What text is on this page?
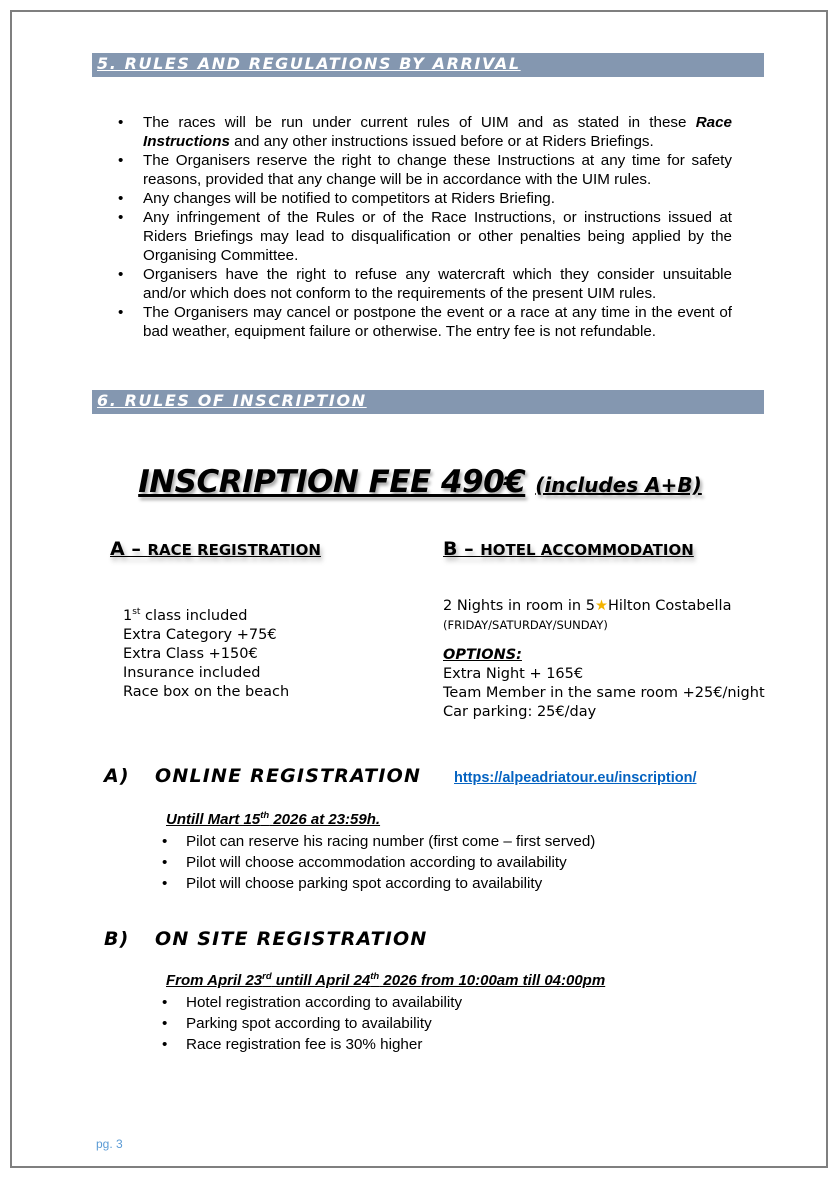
5. RULES AND REGULATIONS BY ARRIVAL
• The races will be run under current rules of UIM and as stated in these Race Instructions and any other instructions issued before or at Riders Briefings.
• The Organisers reserve the right to change these Instructions at any time for safety reasons, provided that any change will be in accordance with the UIM rules.
• Any changes will be notified to competitors at Riders Briefing.
• Any infringement of the Rules or of the Race Instructions, or instructions issued at Riders Briefings may lead to disqualification or other penalties being applied by the Organising Committee.
• Organisers have the right to refuse any watercraft which they consider unsuitable and/or which does not conform to the requirements of the present UIM rules.
• The Organisers may cancel or postpone the event or a race at any time in the event of bad weather, equipment failure or otherwise. The entry fee is not refundable.
6. RULES OF INSCRIPTION
INSCRIPTION FEE 490€ (includes A+B)
A – RACE REGISTRATION	B – HOTEL ACCOMMODATION
1st class included
Extra Category +75€
Extra Class +150€
Insurance included
Race box on the beach
2 Nights in room in 5★Hilton Costabella
(FRIDAY/SATURDAY/SUNDAY)
OPTIONS:
Extra Night + 165€
Team Member in the same room +25€/night
Car parking: 25€/day
A) ONLINE REGISTRATION https://alpeadriatour.eu/inscription/
Untill Mart 15th 2026 at 23:59h.
• Pilot can reserve his racing number (first come – first served)
• Pilot will choose accommodation according to availability
• Pilot will choose parking spot according to availability
B) ON SITE REGISTRATION
From April 23rd untill April 24th 2026 from 10:00am till 04:00pm
• Hotel registration according to availability
• Parking spot according to availability
• Race registration fee is 30% higher
pg. 3
